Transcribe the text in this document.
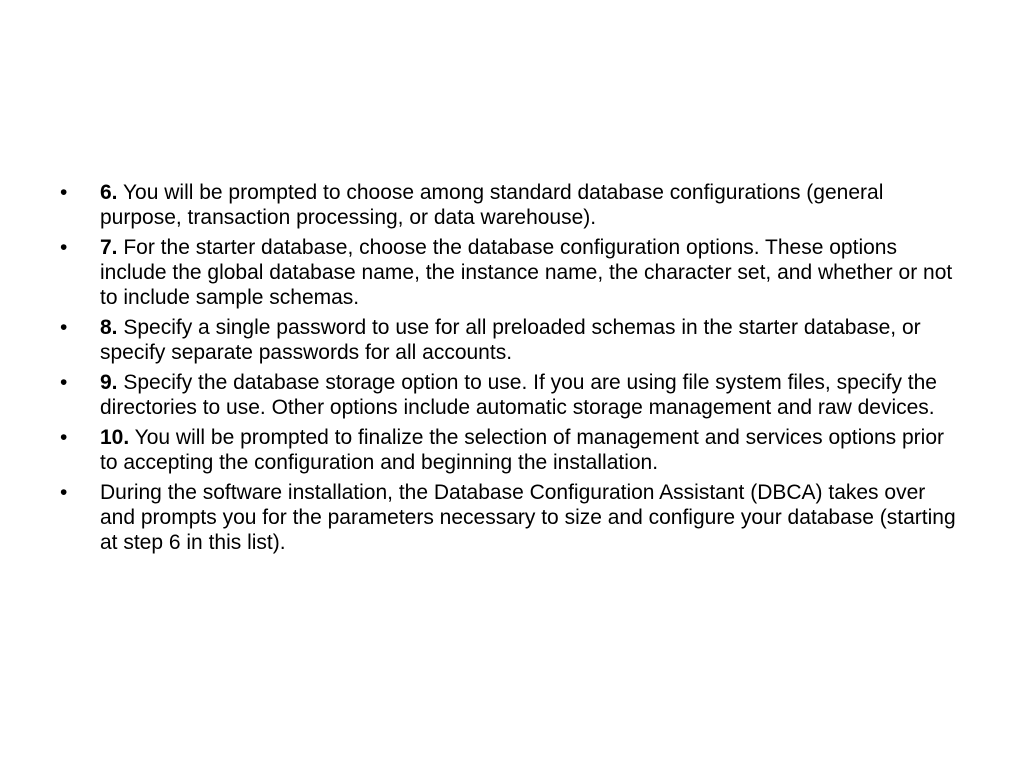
•	6. You will be prompted to choose among standard database configurations (general purpose, transaction processing, or data warehouse).
•	7. For the starter database, choose the database configuration options. These options include the global database name, the instance name, the character set, and whether or not to include sample schemas.
•	8. Specify a single password to use for all preloaded schemas in the starter database, or specify separate passwords for all accounts.
•	9. Specify the database storage option to use. If you are using file system files, specify the directories to use. Other options include automatic storage management and raw devices.
•	10. You will be prompted to finalize the selection of management and services options prior to accepting the configuration and beginning the installation.
•	During the software installation, the Database Configuration Assistant (DBCA) takes over and prompts you for the parameters necessary to size and configure your database (starting at step 6 in this list).
